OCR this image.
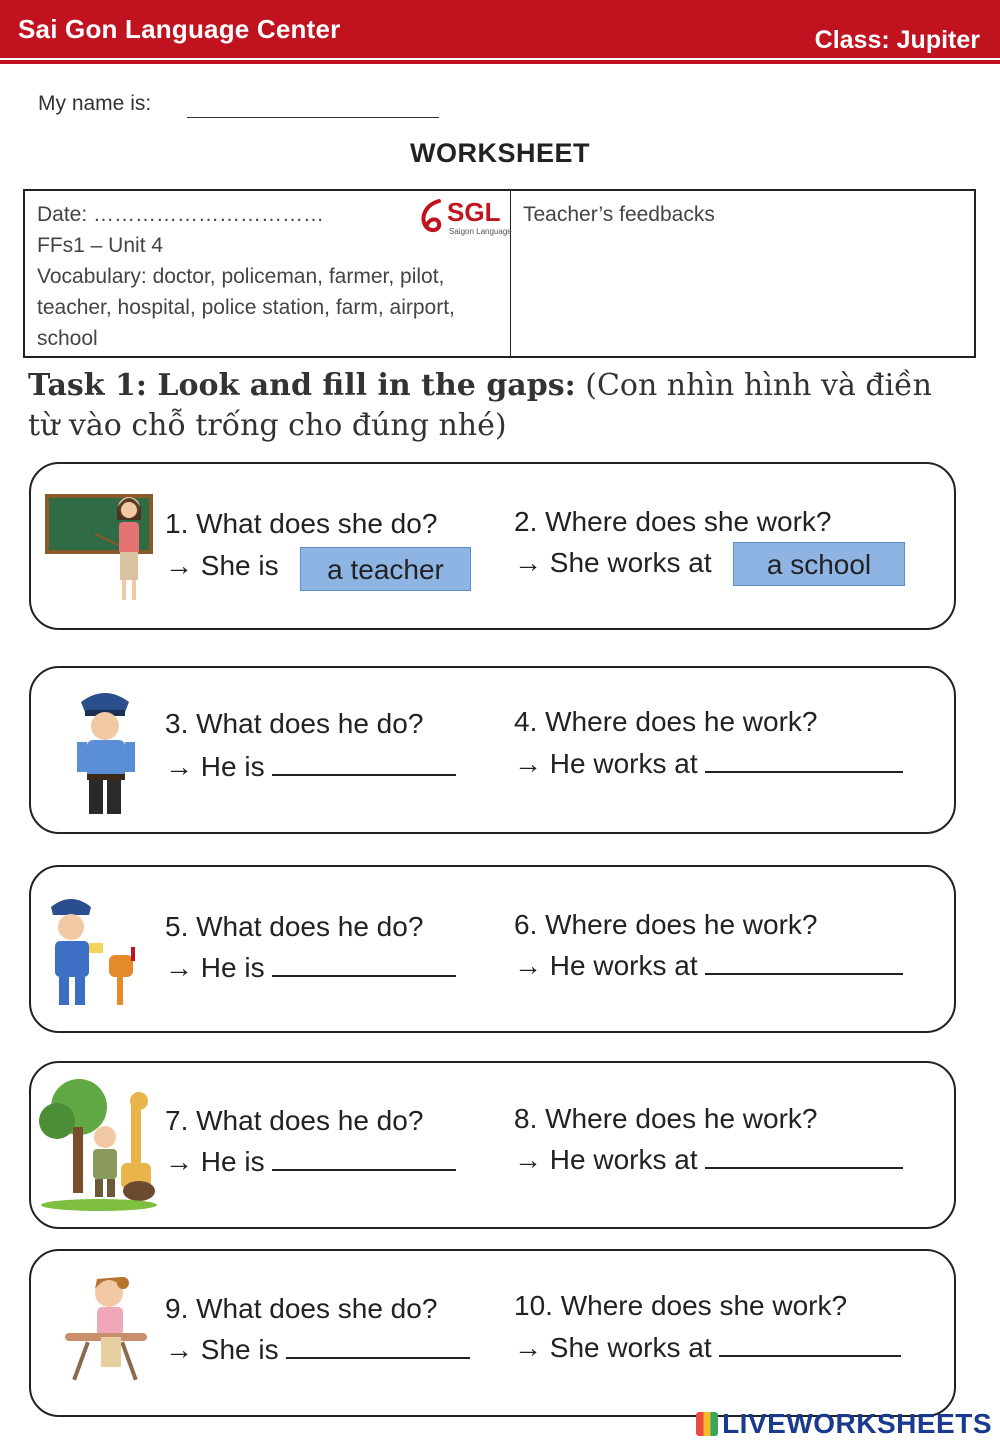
Sai Gon Language Center	Class: Jupiter
My name is:
WORKSHEET
Date: ……………………………
FFs1 – Unit 4
Vocabulary: doctor, policeman, farmer, pilot, teacher, hospital, police station, farm, airport, school
SGL
Saigon Language
Teacher’s feedbacks
Task 1: Look and fill in the gaps: (Con nhìn hình và điền từ vào chỗ trống cho đúng nhé)
1. What does she do?
→ She is	a teacher
2. Where does she work?
→ She works at	a school
3. What does he do?
→ He is
4. Where does he work?
→ He works at
5. What does he do?
→ He is
6. Where does he work?
→ He works at
7. What does he do?
→ He is
8. Where does he work?
→ He works at
9. What does she do?
→ She is
10. Where does she work?
→ She works at
LIVEWORKSHEETS
